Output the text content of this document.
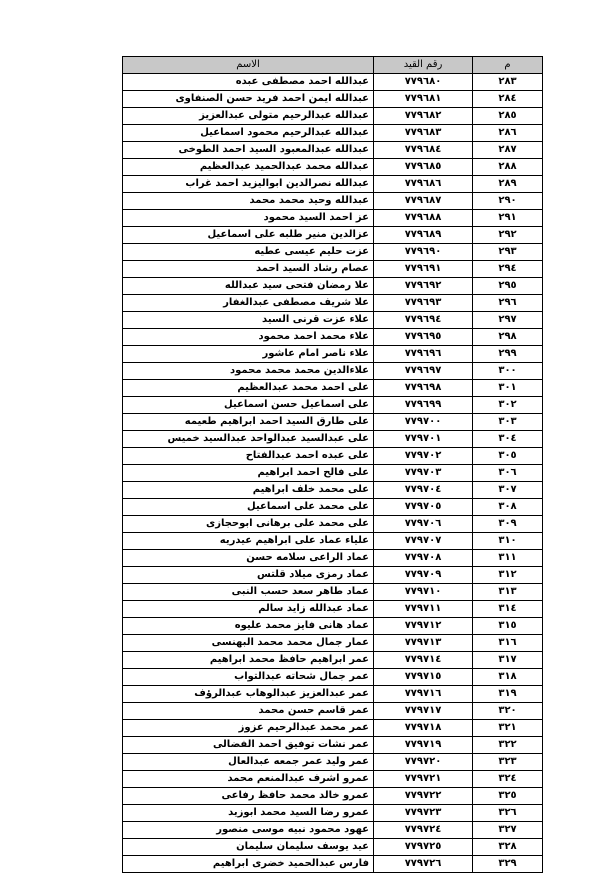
م	رقم القيد	الاسم
٢٨٣	٧٧٩٦٨٠	عبدالله احمد مصطفى عبده
٢٨٤	٧٧٩٦٨١	عبدالله ايمن احمد فريد حسن الصنفاوى
٢٨٥	٧٧٩٦٨٢	عبدالله عبدالرحيم متولى عبدالعزيز
٢٨٦	٧٧٩٦٨٣	عبدالله عبدالرحيم محمود اسماعيل
٢٨٧	٧٧٩٦٨٤	عبدالله عبدالمعبود السيد احمد الطوخى
٢٨٨	٧٧٩٦٨٥	عبدالله محمد عبدالحميد عبدالعظيم
٢٨٩	٧٧٩٦٨٦	عبدالله نصرالدين ابواليزيد احمد غراب
٢٩٠	٧٧٩٦٨٧	عبدالله وحيد محمد محمد
٢٩١	٧٧٩٦٨٨	عز احمد السيد محمود
٢٩٢	٧٧٩٦٨٩	عزالدين منير طلبه على اسماعيل
٢٩٣	٧٧٩٦٩٠	عزت حليم عيسى عطيه
٢٩٤	٧٧٩٦٩١	عصام رشاد السيد احمد
٢٩٥	٧٧٩٦٩٢	علا رمضان فتحى سيد عبدالله
٢٩٦	٧٧٩٦٩٣	علا شريف مصطفى عبدالغفار
٢٩٧	٧٧٩٦٩٤	علاء عزت قرنى السيد
٢٩٨	٧٧٩٦٩٥	علاء محمد احمد محمود
٢٩٩	٧٧٩٦٩٦	علاء ناصر امام عاشور
٣٠٠	٧٧٩٦٩٧	علاءالدين محمد محمد محمود
٣٠١	٧٧٩٦٩٨	على احمد محمد عبدالعظيم
٣٠٢	٧٧٩٦٩٩	على اسماعيل حسن اسماعيل
٣٠٣	٧٧٩٧٠٠	على طارق السيد احمد ابراهيم طعيمه
٣٠٤	٧٧٩٧٠١	على عبدالسيد عبدالواحد عبدالسيد خميس
٣٠٥	٧٧٩٧٠٢	على عبده احمد عبدالفتاح
٣٠٦	٧٧٩٧٠٣	على فالح احمد ابراهيم
٣٠٧	٧٧٩٧٠٤	على محمد خلف ابراهيم
٣٠٨	٧٧٩٧٠٥	على محمد على اسماعيل
٣٠٩	٧٧٩٧٠٦	على محمد على برهانى ابوحجازى
٣١٠	٧٧٩٧٠٧	علياء عماد على ابراهيم عيدريه
٣١١	٧٧٩٧٠٨	عماد الراعى سلامه حسن
٣١٢	٧٧٩٧٠٩	عماد رمزى ميلاد قلتس
٣١٣	٧٧٩٧١٠	عماد طاهر سعد حسب النبى
٣١٤	٧٧٩٧١١	عماد عبدالله زايد سالم
٣١٥	٧٧٩٧١٢	عماد هانى فايز محمد عليوه
٣١٦	٧٧٩٧١٣	عمار جمال محمد محمد البهنسى
٣١٧	٧٧٩٧١٤	عمر ابراهيم حافظ محمد ابراهيم
٣١٨	٧٧٩٧١٥	عمر جمال شحاته عبدالتواب
٣١٩	٧٧٩٧١٦	عمر عبدالعزيز عبدالوهاب عبدالرؤف
٣٢٠	٧٧٩٧١٧	عمر قاسم حسن محمد
٣٢١	٧٧٩٧١٨	عمر محمد عبدالرحيم عزوز
٣٢٢	٧٧٩٧١٩	عمر نشات توفيق احمد الفضالى
٣٢٣	٧٧٩٧٢٠	عمر وليد عمر جمعه عبدالعال
٣٢٤	٧٧٩٧٢١	عمرو اشرف عبدالمنعم محمد
٣٢٥	٧٧٩٧٢٢	عمرو خالد محمد حافظ رفاعى
٣٢٦	٧٧٩٧٢٣	عمرو رضا السيد محمد ابوزيد
٣٢٧	٧٧٩٧٢٤	عهود محمود نبيه موسى منصور
٣٢٨	٧٧٩٧٢٥	عيد يوسف سليمان سليمان
٣٢٩	٧٧٩٧٢٦	فارس عبدالحميد خضرى ابراهيم
